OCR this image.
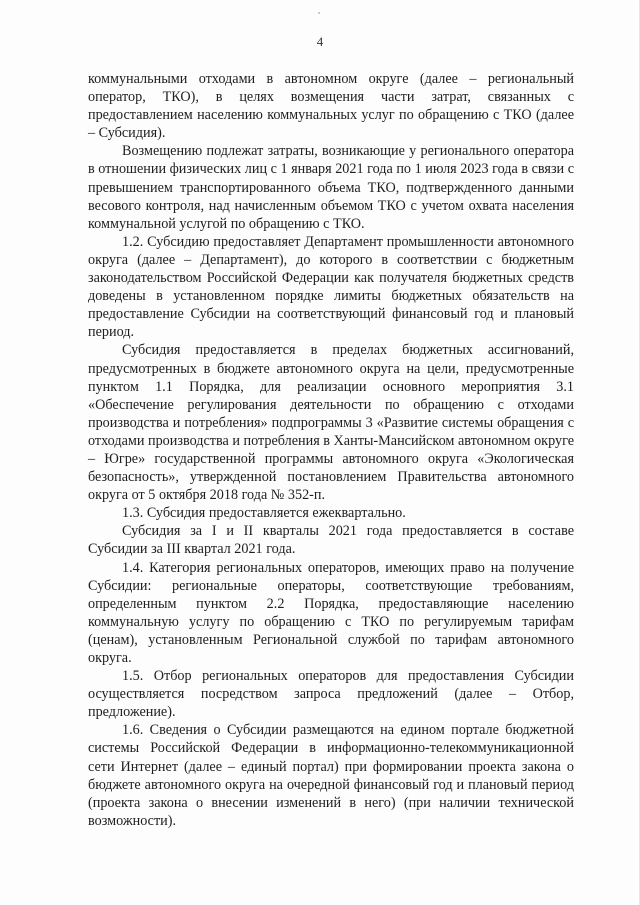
4

коммунальными отходами в автономном округе (далее – региональный оператор, ТКО), в целях возмещения части затрат, связанных с предоставлением населению коммунальных услуг по обращению с ТКО (далее – Субсидия).

Возмещению подлежат затраты, возникающие у регионального оператора в отношении физических лиц с 1 января 2021 года по 1 июля 2023 года в связи с превышением транспортированного объема ТКО, подтвержденного данными весового контроля, над начисленным объемом ТКО с учетом охвата населения коммунальной услугой по обращению с ТКО.

1.2. Субсидию предоставляет Департамент промышленности автономного округа (далее – Департамент), до которого в соответствии с бюджетным законодательством Российской Федерации как получателя бюджетных средств доведены в установленном порядке лимиты бюджетных обязательств на предоставление Субсидии на соответствующий финансовый год и плановый период.

Субсидия предоставляется в пределах бюджетных ассигнований, предусмотренных в бюджете автономного округа на цели, предусмотренные пунктом 1.1 Порядка, для реализации основного мероприятия 3.1 «Обеспечение регулирования деятельности по обращению с отходами производства и потребления» подпрограммы 3 «Развитие системы обращения с отходами производства и потребления в Ханты-Мансийском автономном округе – Югре» государственной программы автономного округа «Экологическая безопасность», утвержденной постановлением Правительства автономного округа от 5 октября 2018 года № 352-п.

1.3. Субсидия предоставляется ежеквартально.

Субсидия за I и II кварталы 2021 года предоставляется в составе Субсидии за III квартал 2021 года.

1.4. Категория региональных операторов, имеющих право на получение Субсидии: региональные операторы, соответствующие требованиям, определенным пунктом 2.2 Порядка, предоставляющие населению коммунальную услугу по обращению с ТКО по регулируемым тарифам (ценам), установленным Региональной службой по тарифам автономного округа.

1.5. Отбор региональных операторов для предоставления Субсидии осуществляется посредством запроса предложений (далее – Отбор, предложение).

1.6. Сведения о Субсидии размещаются на едином портале бюджетной системы Российской Федерации в информационно-телекоммуникационной сети Интернет (далее – единый портал) при формировании проекта закона о бюджете автономного округа на очередной финансовый год и плановый период (проекта закона о внесении изменений в него) (при наличии технической возможности).
